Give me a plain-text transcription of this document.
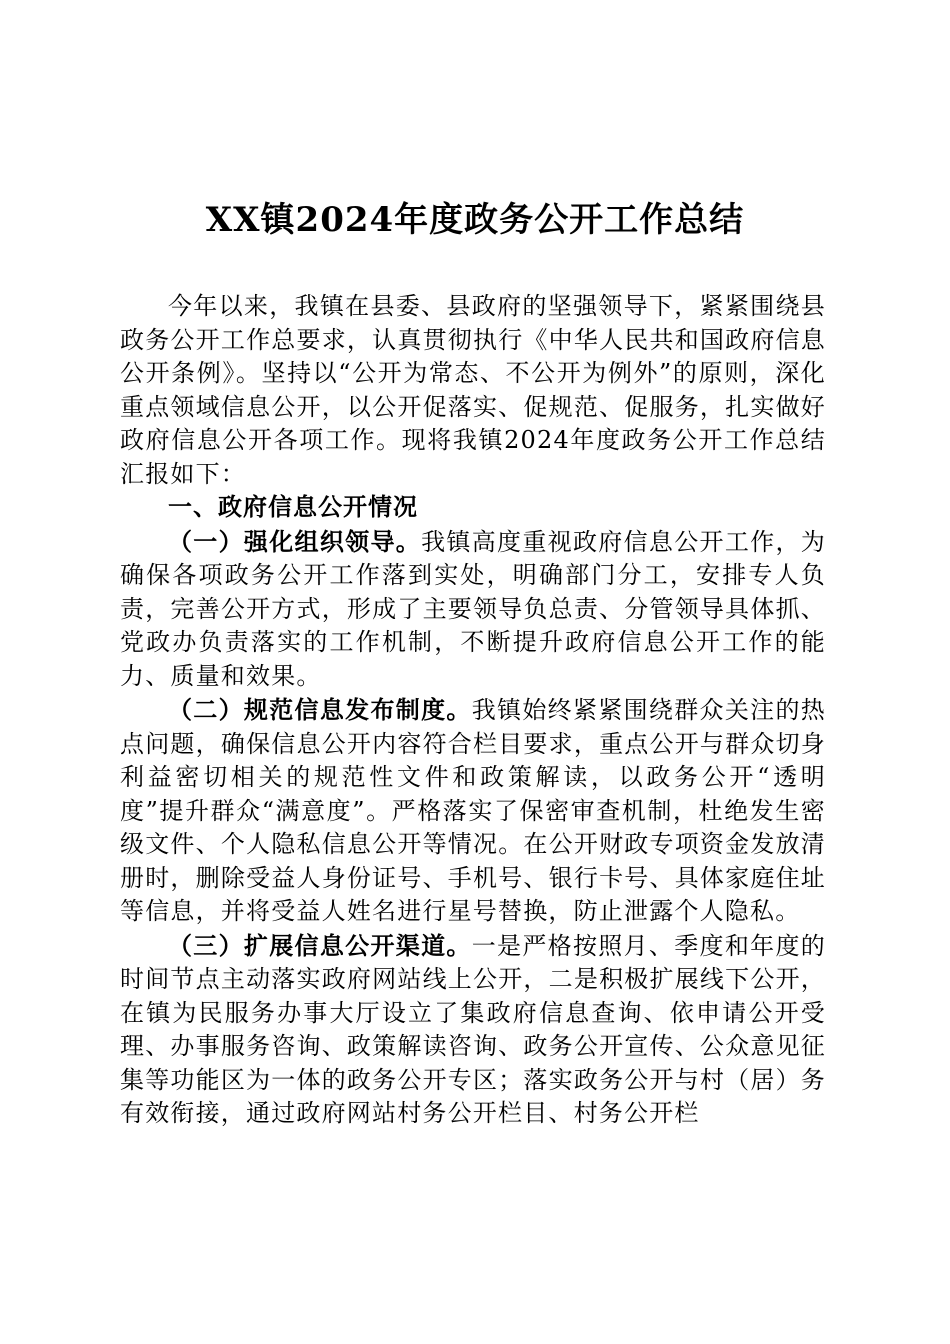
XX镇2024年度政务公开工作总结

今年以来，我镇在县委、县政府的坚强领导下，紧紧围绕县政务公开工作总要求，认真贯彻执行《中华人民共和国政府信息公开条例》。坚持以“公开为常态、不公开为例外”的原则，深化重点领域信息公开，以公开促落实、促规范、促服务，扎实做好政府信息公开各项工作。现将我镇2024年度政务公开工作总结汇报如下：

一、政府信息公开情况

（一）强化组织领导。我镇高度重视政府信息公开工作，为确保各项政务公开工作落到实处，明确部门分工，安排专人负责，完善公开方式，形成了主要领导负总责、分管领导具体抓、党政办负责落实的工作机制，不断提升政府信息公开工作的能力、质量和效果。

（二）规范信息发布制度。我镇始终紧紧围绕群众关注的热点问题，确保信息公开内容符合栏目要求，重点公开与群众切身利益密切相关的规范性文件和政策解读，以政务公开“透明度”提升群众“满意度”。严格落实了保密审查机制，杜绝发生密级文件、个人隐私信息公开等情况。在公开财政专项资金发放清册时，删除受益人身份证号、手机号、银行卡号、具体家庭住址等信息，并将受益人姓名进行星号替换，防止泄露个人隐私。

（三）扩展信息公开渠道。一是严格按照月、季度和年度的时间节点主动落实政府网站线上公开，二是积极扩展线下公开，在镇为民服务办事大厅设立了集政府信息查询、依申请公开受理、办事服务咨询、政策解读咨询、政务公开宣传、公众意见征集等功能区为一体的政务公开专区；落实政务公开与村（居）务有效衔接，通过政府网站村务公开栏目、村务公开栏
